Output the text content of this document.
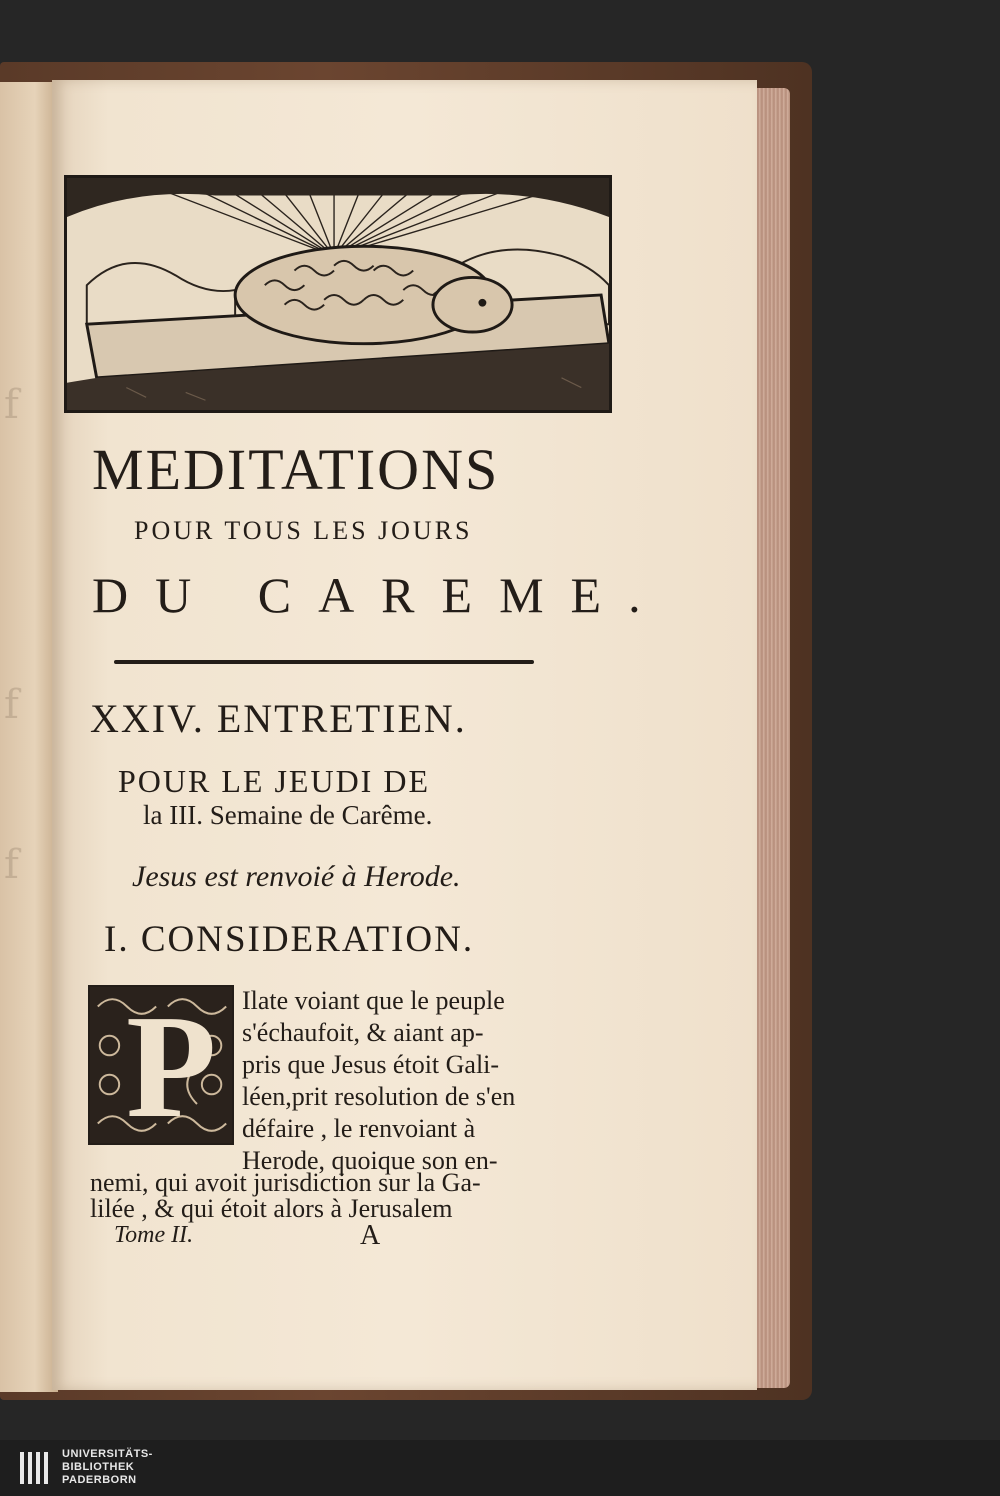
f
f
f
MEDITATIONS
POUR TOUS LES JOURS
DU CAREME.
XXIV. ENTRETIEN.
POUR LE JEUDI DE
la III. Semaine de Carême.
Jesus est renvoié à Herode.
I. CONSIDERATION.
P Ilate voiant que le peuple
s'échaufoit, & aiant ap-
pris que Jesus étoit Gali-
léen,prit resolution de s'en
défaire , le renvoiant à
Herode, quoique son en-
nemi, qui avoit jurisdiction sur la Ga-
lilée , & qui étoit alors à Jerusalem
Tome II.	A
UNIVERSITÄTS-
BIBLIOTHEK
PADERBORN
